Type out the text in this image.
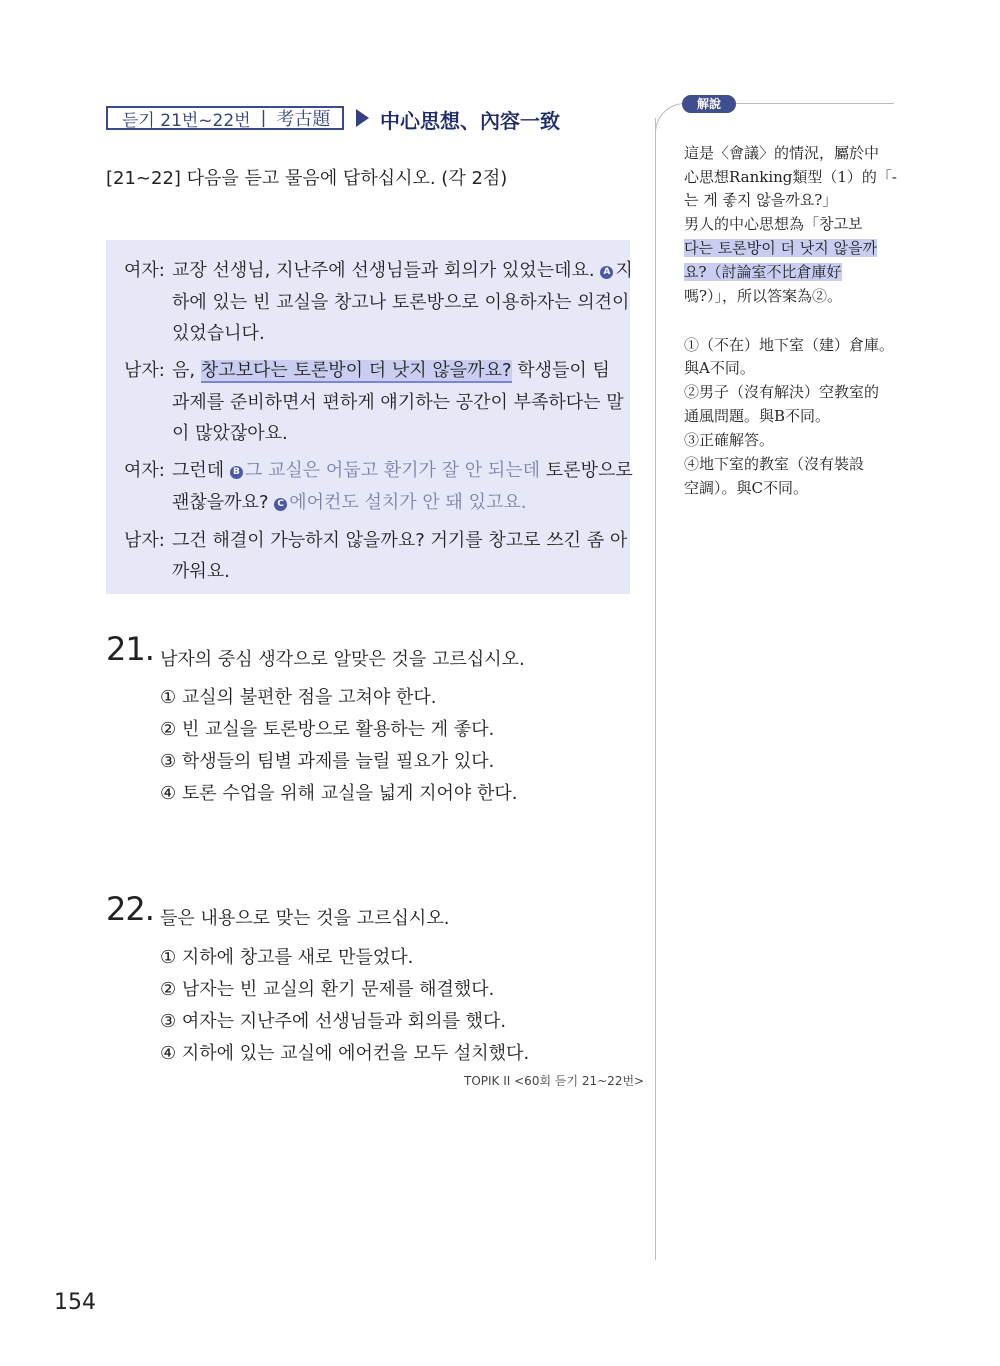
듣기 21번~22번 | 考古題 中心思想、內容一致
[21~22] 다음을 듣고 물음에 답하십시오. (각 2점)
여자: 교장 선생님, 지난주에 선생님들과 회의가 있었는데요. A 지
하에 있는 빈 교실을 창고나 토론방으로 이용하자는 의견이
있었습니다.
남자: 음, 창고보다는 토론방이 더 낫지 않을까요? 학생들이 팀
과제를 준비하면서 편하게 얘기하는 공간이 부족하다는 말
이 많았잖아요.
여자: 그런데 B 그 교실은 어둡고 환기가 잘 안 되는데 토론방으로
괜찮을까요? C 에어컨도 설치가 안 돼 있고요.
남자: 그건 해결이 가능하지 않을까요? 거기를 창고로 쓰긴 좀 아
까워요.
21. 남자의 중심 생각으로 알맞은 것을 고르십시오.
① 교실의 불편한 점을 고쳐야 한다.
② 빈 교실을 토론방으로 활용하는 게 좋다.
③ 학생들의 팀별 과제를 늘릴 필요가 있다.
④ 토론 수업을 위해 교실을 넓게 지어야 한다.
22. 들은 내용으로 맞는 것을 고르십시오.
① 지하에 창고를 새로 만들었다.
② 남자는 빈 교실의 환기 문제를 해결했다.
③ 여자는 지난주에 선생님들과 회의를 했다.
④ 지하에 있는 교실에 에어컨을 모두 설치했다.
TOPIK II <60회 듣기 21~22번>
解說
這是〈會議〉的情況，屬於中
心思想Ranking類型（1）的「-
는 게 좋지 않을까요?」
男人的中心思想為「창고보
다는 토론방이 더 낫지 않을까
요?（討論室不比倉庫好
嗎?）」，所以答案為②。
①（不在）地下室（建）倉庫。
與A不同。
②男子（沒有解決）空教室的
通風問題。與B不同。
③正確解答。
④地下室的教室（沒有裝設
空調）。與C不同。
154
